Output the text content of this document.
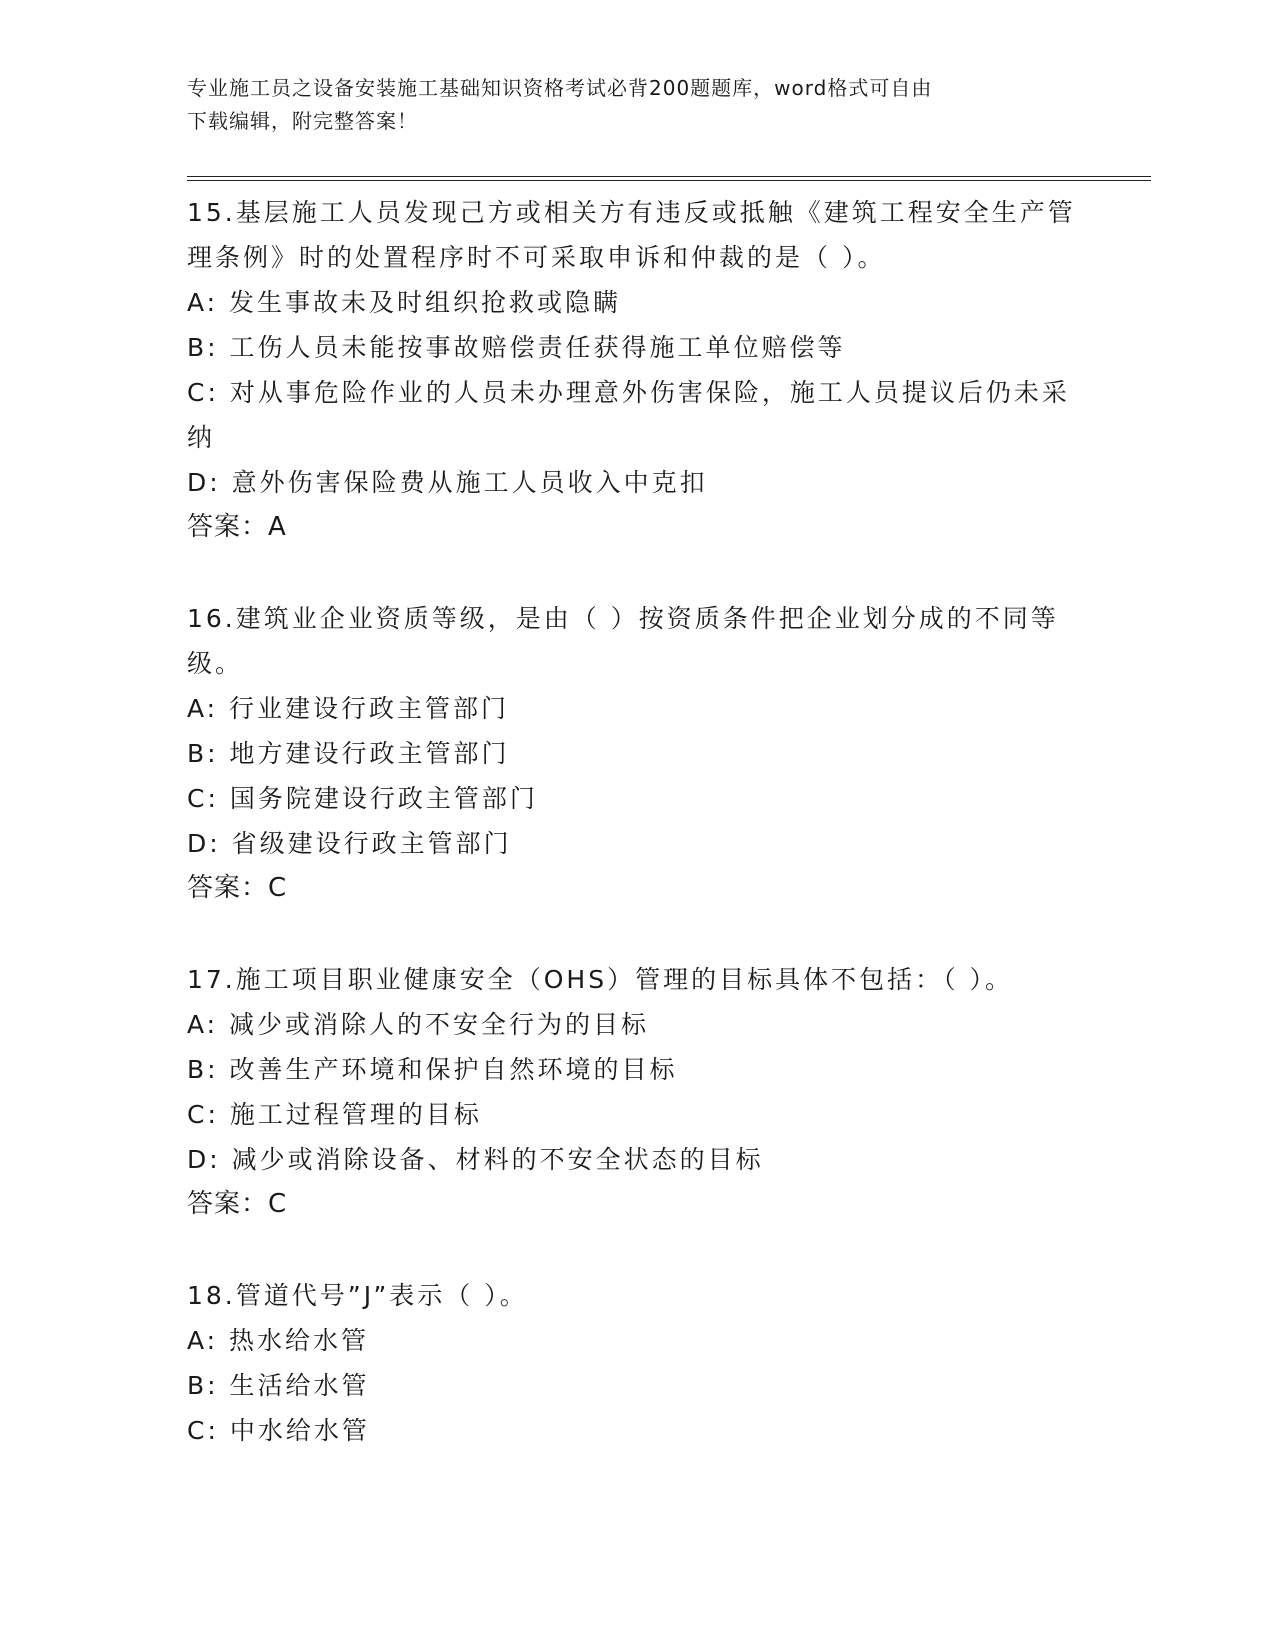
专业施工员之设备安装施工基础知识资格考试必背200题题库，word格式可自由
下载编辑，附完整答案！

15.基层施工人员发现己方或相关方有违反或抵触《建筑工程安全生产管理条例》时的处置程序时不可采取申诉和仲裁的是（ ）。

A: 发生事故未及时组织抢救或隐瞒

B: 工伤人员未能按事故赔偿责任获得施工单位赔偿等

C: 对从事危险作业的人员未办理意外伤害保险，施工人员提议后仍未采纳

D: 意外伤害保险费从施工人员收入中克扣

答案：A

16.建筑业企业资质等级，是由（ ）按资质条件把企业划分成的不同等级。

A: 行业建设行政主管部门

B: 地方建设行政主管部门

C: 国务院建设行政主管部门

D: 省级建设行政主管部门

答案：C

17.施工项目职业健康安全（OHS）管理的目标具体不包括：（ ）。

A: 减少或消除人的不安全行为的目标

B: 改善生产环境和保护自然环境的目标

C: 施工过程管理的目标

D: 减少或消除设备、材料的不安全状态的目标

答案：C

18.管道代号”J”表示（ ）。

A: 热水给水管

B: 生活给水管

C: 中水给水管
